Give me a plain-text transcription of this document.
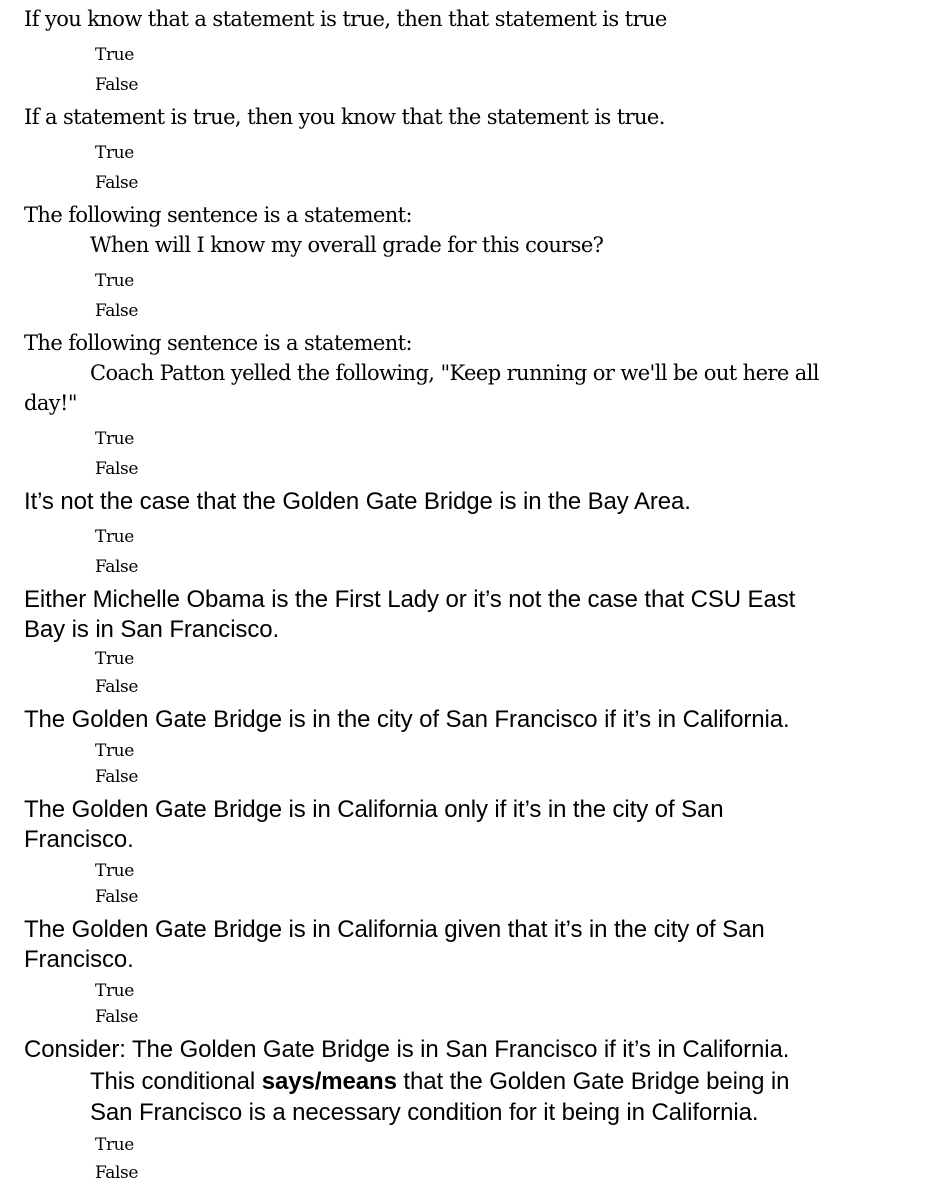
If you know that a statement is true, then that statement is true

True
False

If a statement is true, then you know that the statement is true.

True
False

The following sentence is a statement:

When will I know my overall grade for this course?

True
False

The following sentence is a statement:

Coach Patton yelled the following, "Keep running or we'll be out here all

day!"

True
False

It’s not the case that the Golden Gate Bridge is in the Bay Area.

True
False

Either Michelle Obama is the First Lady or it’s not the case that CSU East

Bay is in San Francisco.

True
False

The Golden Gate Bridge is in the city of San Francisco if it’s in California.

True
False

The Golden Gate Bridge is in California only if it’s in the city of San

Francisco.

True
False

The Golden Gate Bridge is in California given that it’s in the city of San

Francisco.

True
False

Consider: The Golden Gate Bridge is in San Francisco if it’s in California.

This conditional says/means that the Golden Gate Bridge being in

San Francisco is a necessary condition for it being in California.

True
False
